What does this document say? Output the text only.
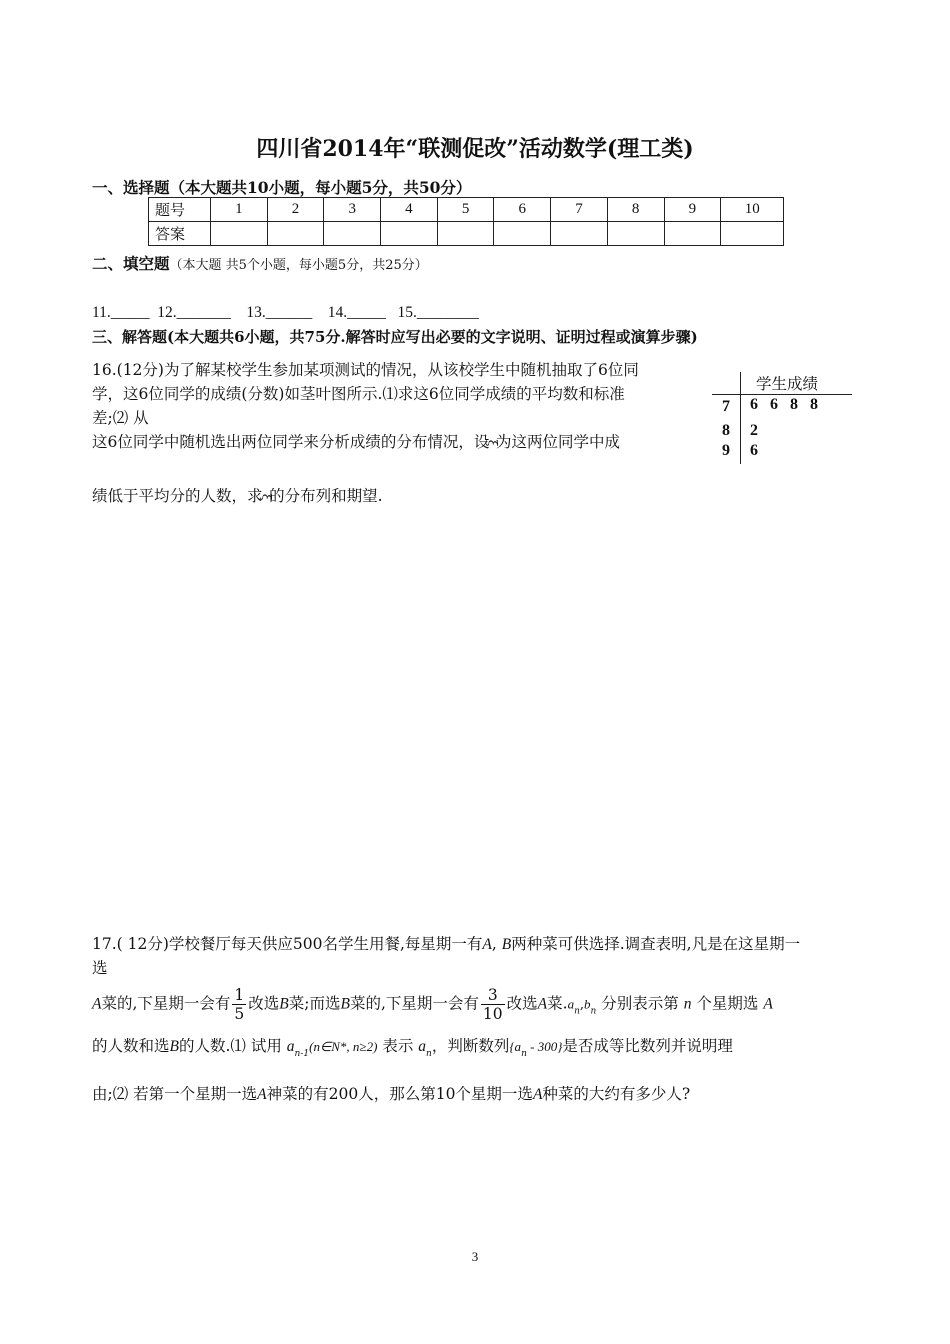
四川省2014年“联测促改”活动数学(理工类)
一、选择题（本大题共10小题，每小题5分，共50分）
题号	1	2	3	4	5	6	7	8	9	10
答案										
二、填空题（本大题 共5个小题，每小题5分，共25分）
11._____  12._______    13.______    14._____   15.________
三、解答题(本大题共6小题，共75分.解答时应写出必要的文字说明、证明过程或演算步骤)
16.(12分)为了解某校学生参加某项测试的情况，从该校学生中随机抽取了6位同
学，这6位同学的成绩(分数)如茎叶图所示.⑴求这6位同学成绩的平均数和标准
差;⑵ 从
这6位同学中随机选出两位同学来分析成绩的分布情况，设ξ为这两位同学中成
绩低于平均分的人数，求ξ的分布列和期望.
学生成绩
7 6   6   8   8
8 2
9 6
17.( 12分)学校餐厅每天供应500名学生用餐,每星期一有A, B两种菜可供选择.调查表明,凡是在这星期一
选
A菜的,下星期一会有 $\frac{1}{5}$ 改选B菜;而选B菜的,下星期一会有 $\frac{3}{10}$ 改选A菜$.a_n,b_n$ 分别表示第 n 个星期选 A
的人数和选B的人数.⑴ 试用 $a_{n-1}(n\in N*$, n≥2) 表示 $a_n$，判断数列$\{a_n - 300\}$是否成等比数列并说明理
由;⑵ 若第一个星期一选A神菜的有200人，那么第10个星期一选A种菜的大约有多少人?
3
